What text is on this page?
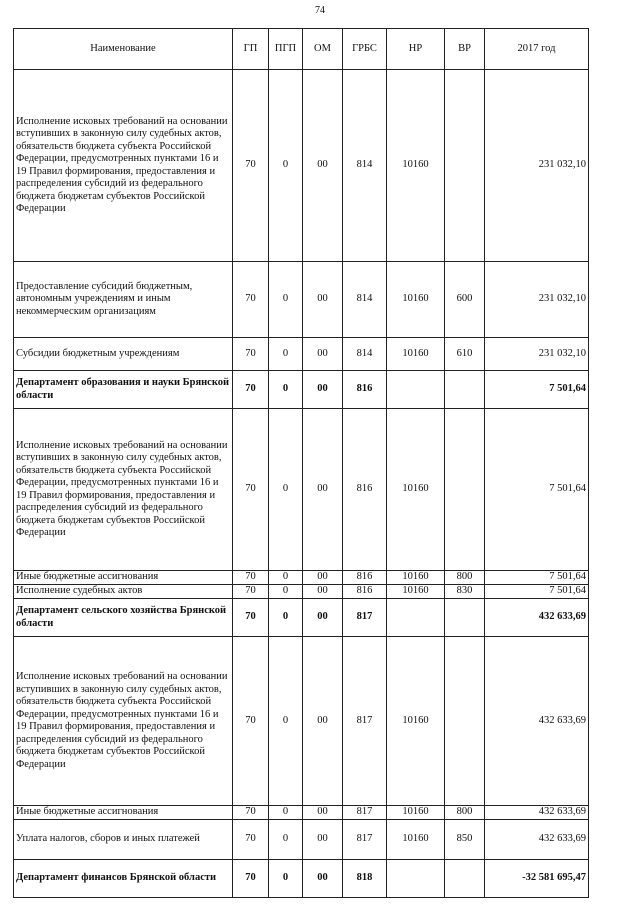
74
Наименование	ГП	ПГП	ОМ	ГРБС	НР	ВР	2017 год
Исполнение исковых требований на основании вступивших в законную силу судебных актов, обязательств бюджета субъекта Российской Федерации, предусмотренных пунктами 16 и 19 Правил формирования, предоставления и распределения субсидий из федерального бюджета бюджетам субъектов Российской Федерации	70	0	00	814	10160		231 032,10
Предоставление субсидий бюджетным, автономным учреждениям и иным некоммерческим организациям	70	0	00	814	10160	600	231 032,10
Субсидии бюджетным учреждениям	70	0	00	814	10160	610	231 032,10
Департамент образования и науки Брянской области	70	0	00	816			7 501,64
Исполнение исковых требований на основании вступивших в законную силу судебных актов, обязательств бюджета субъекта Российской Федерации, предусмотренных пунктами 16 и 19 Правил формирования, предоставления и распределения субсидий из федерального бюджета бюджетам субъектов Российской Федерации	70	0	00	816	10160		7 501,64
Иные бюджетные ассигнования	70	0	00	816	10160	800	7 501,64
Исполнение судебных актов	70	0	00	816	10160	830	7 501,64
Департамент сельского хозяйства Брянской области	70	0	00	817			432 633,69
Исполнение исковых требований на основании вступивших в законную силу судебных актов, обязательств бюджета субъекта Российской Федерации, предусмотренных пунктами 16 и 19 Правил формирования, предоставления и распределения субсидий из федерального бюджета бюджетам субъектов Российской Федерации	70	0	00	817	10160		432 633,69
Иные бюджетные ассигнования	70	0	00	817	10160	800	432 633,69
Уплата налогов, сборов и иных платежей	70	0	00	817	10160	850	432 633,69
Департамент финансов Брянской области	70	0	00	818			-32 581 695,47
